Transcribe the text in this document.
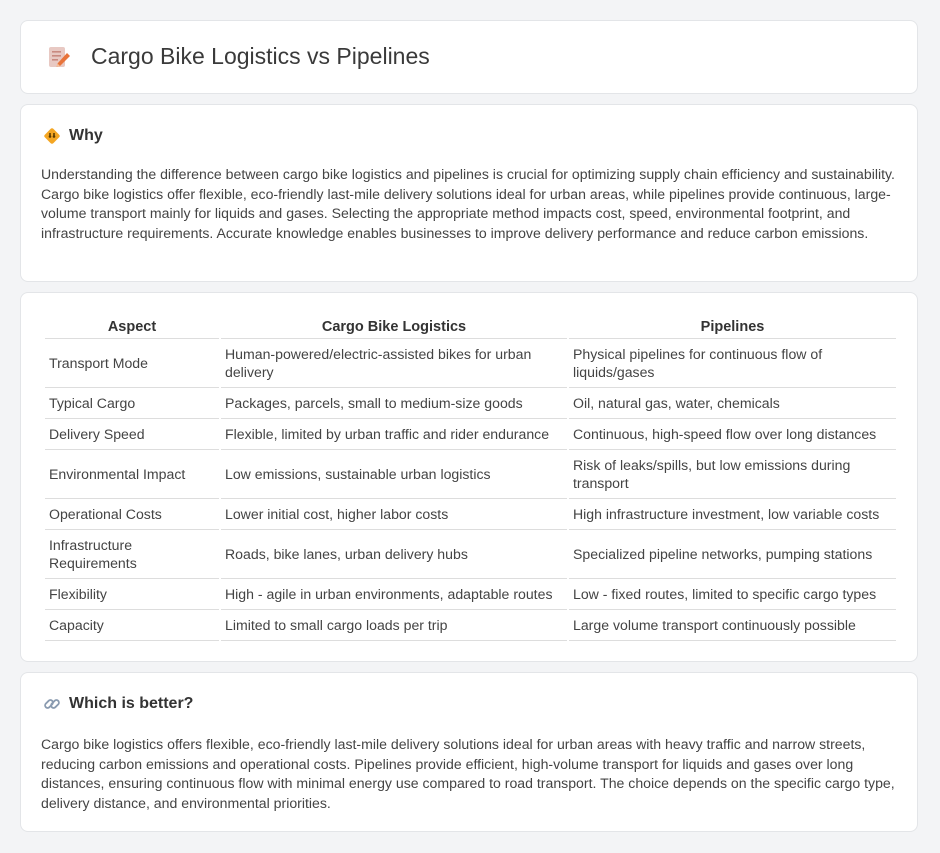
Cargo Bike Logistics vs Pipelines
Why

Understanding the difference between cargo bike logistics and pipelines is crucial for optimizing supply chain efficiency and sustainability. Cargo bike logistics offer flexible, eco-friendly last-mile delivery solutions ideal for urban areas, while pipelines provide continuous, large-volume transport mainly for liquids and gases. Selecting the appropriate method impacts cost, speed, environmental footprint, and infrastructure requirements. Accurate knowledge enables businesses to improve delivery performance and reduce carbon emissions.

Aspect	Cargo Bike Logistics	Pipelines
Transport Mode	Human-powered/electric-assisted bikes for urban delivery	Physical pipelines for continuous flow of liquids/gases
Typical Cargo	Packages, parcels, small to medium-size goods	Oil, natural gas, water, chemicals
Delivery Speed	Flexible, limited by urban traffic and rider endurance	Continuous, high-speed flow over long distances
Environmental Impact	Low emissions, sustainable urban logistics	Risk of leaks/spills, but low emissions during transport
Operational Costs	Lower initial cost, higher labor costs	High infrastructure investment, low variable costs
Infrastructure Requirements	Roads, bike lanes, urban delivery hubs	Specialized pipeline networks, pumping stations
Flexibility	High - agile in urban environments, adaptable routes	Low - fixed routes, limited to specific cargo types
Capacity	Limited to small cargo loads per trip	Large volume transport continuously possible
Which is better?

Cargo bike logistics offers flexible, eco-friendly last-mile delivery solutions ideal for urban areas with heavy traffic and narrow streets, reducing carbon emissions and operational costs. Pipelines provide efficient, high-volume transport for liquids and gases over long distances, ensuring continuous flow with minimal energy use compared to road transport. The choice depends on the specific cargo type, delivery distance, and environmental priorities.
